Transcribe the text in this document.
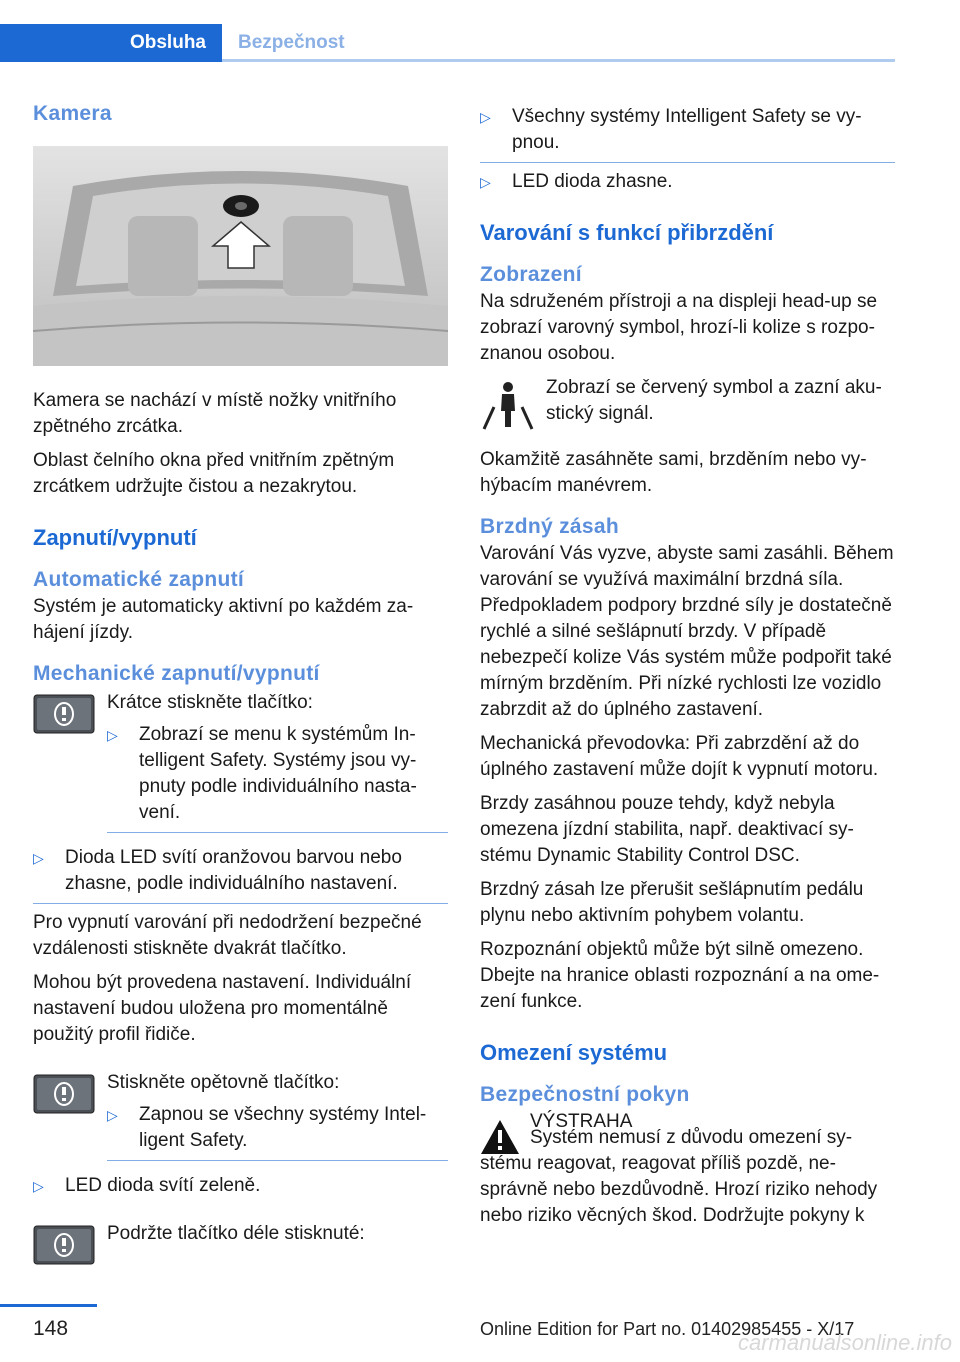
Obsluha	Bezpečnost
Kamera

Kamera se nachází v místě nožky vnitřního zpětného zrcátka.

Oblast čelního okna před vnitřním zpětným zrcátkem udržujte čistou a nezakrytou.

Zapnutí/vypnutí
Automatické zapnutí

Systém je automaticky aktivní po každém zahájení jízdy.

Mechanické zapnutí/vypnutí

Krátce stiskněte tlačítko:

▷	Zobrazí se menu k systémům Intelligent Safety. Systémy jsou vypnuty podle individuálního nastavení.
▷	Dioda LED svítí oranžovou barvou nebo zhasne, podle individuálního nastavení.

Pro vypnutí varování při nedodržení bezpečné vzdálenosti stiskněte dvakrát tlačítko.

Mohou být provedena nastavení. Individuální nastavení budou uložena pro momentálně použitý profil řidiče.

Stiskněte opětovně tlačítko:

▷	Zapnou se všechny systémy Intelligent Safety.
▷	LED dioda svítí zeleně.

Podržte tlačítko déle stisknuté:

▷	Všechny systémy Intelligent Safety se vypnou.
▷	LED dioda zhasne.
Varování s funkcí přibrzdění
Zobrazení

Na sdruženém přístroji a na displeji head-up se zobrazí varovný symbol, hrozí-li kolize s rozpoznanou osobou.

Zobrazí se červený symbol a zazní akustický signál.

Okamžitě zasáhněte sami, brzděním nebo vyhýbacím manévrem.

Brzdný zásah

Varování Vás vyzve, abyste sami zasáhli. Během varování se využívá maximální brzdná síla. Předpokladem podpory brzdné síly je dostatečně rychlé a silné sešlápnutí brzdy. V případě nebezpečí kolize Vás systém může podpořit také mírným brzděním. Při nízké rychlosti lze vozidlo zabrzdit až do úplného zastavení.

Mechanická převodovka: Při zabrzdění až do úplného zastavení může dojít k vypnutí motoru.

Brzdy zasáhnou pouze tehdy, když nebyla omezena jízdní stabilita, např. deaktivací systému Dynamic Stability Control DSC.

Brzdný zásah lze přerušit sešlápnutím pedálu plynu nebo aktivním pohybem volantu.

Rozpoznání objektů může být silně omezeno. Dbejte na hranice oblasti rozpoznání a na omezení funkce.

Omezení systému
Bezpečnostní pokyn

VÝSTRAHA

Systém nemusí z důvodu omezení systému reagovat, reagovat příliš pozdě, nesprávně nebo bezdůvodně. Hrozí riziko nehody nebo riziko věcných škod. Dodržujte pokyny k

148	Online Edition for Part no. 01402985455 - X/17
carmanualsonline.info
